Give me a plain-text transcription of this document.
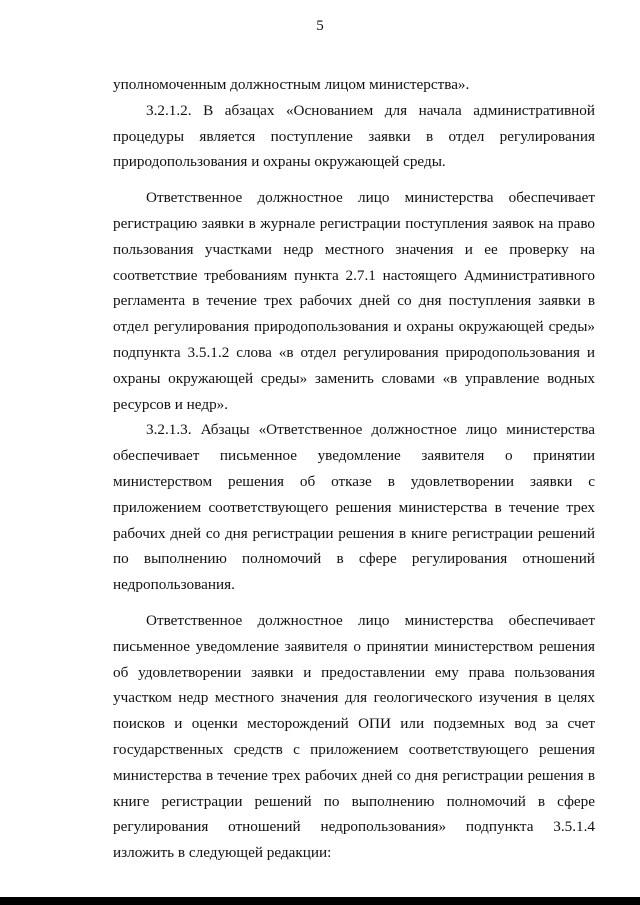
5

уполномоченным должностным лицом министерства».

3.2.1.2. В абзацах «Основанием для начала административной процедуры является поступление заявки в отдел регулирования природопользования и охраны окружающей среды.

Ответственное должностное лицо министерства обеспечивает регистрацию заявки в журнале регистрации поступления заявок на право пользования участками недр местного значения и ее проверку на соответствие требованиям пункта 2.7.1 настоящего Административного регламента в течение трех рабочих дней со дня поступления заявки в отдел регулирования природопользования и охраны окружающей среды» подпункта 3.5.1.2 слова «в отдел регулирования природопользования и охраны окружающей среды» заменить словами «в управление водных ресурсов и недр».

3.2.1.3. Абзацы «Ответственное должностное лицо министерства обеспечивает письменное уведомление заявителя о принятии министерством решения об отказе в удовлетворении заявки с приложением соответствующего решения министерства в течение трех рабочих дней со дня регистрации решения в книге регистрации решений по выполнению полномочий в сфере регулирования отношений недропользования.

Ответственное должностное лицо министерства обеспечивает письменное уведомление заявителя о принятии министерством решения об удовлетворении заявки и предоставлении ему права пользования участком недр местного значения для геологического изучения в целях поисков и оценки месторождений ОПИ или подземных вод за счет государственных средств с приложением соответствующего решения министерства в течение трех рабочих дней со дня регистрации решения в книге регистрации решений по выполнению полномочий в сфере регулирования отношений недропользования» подпункта 3.5.1.4 изложить в следующей редакции:
